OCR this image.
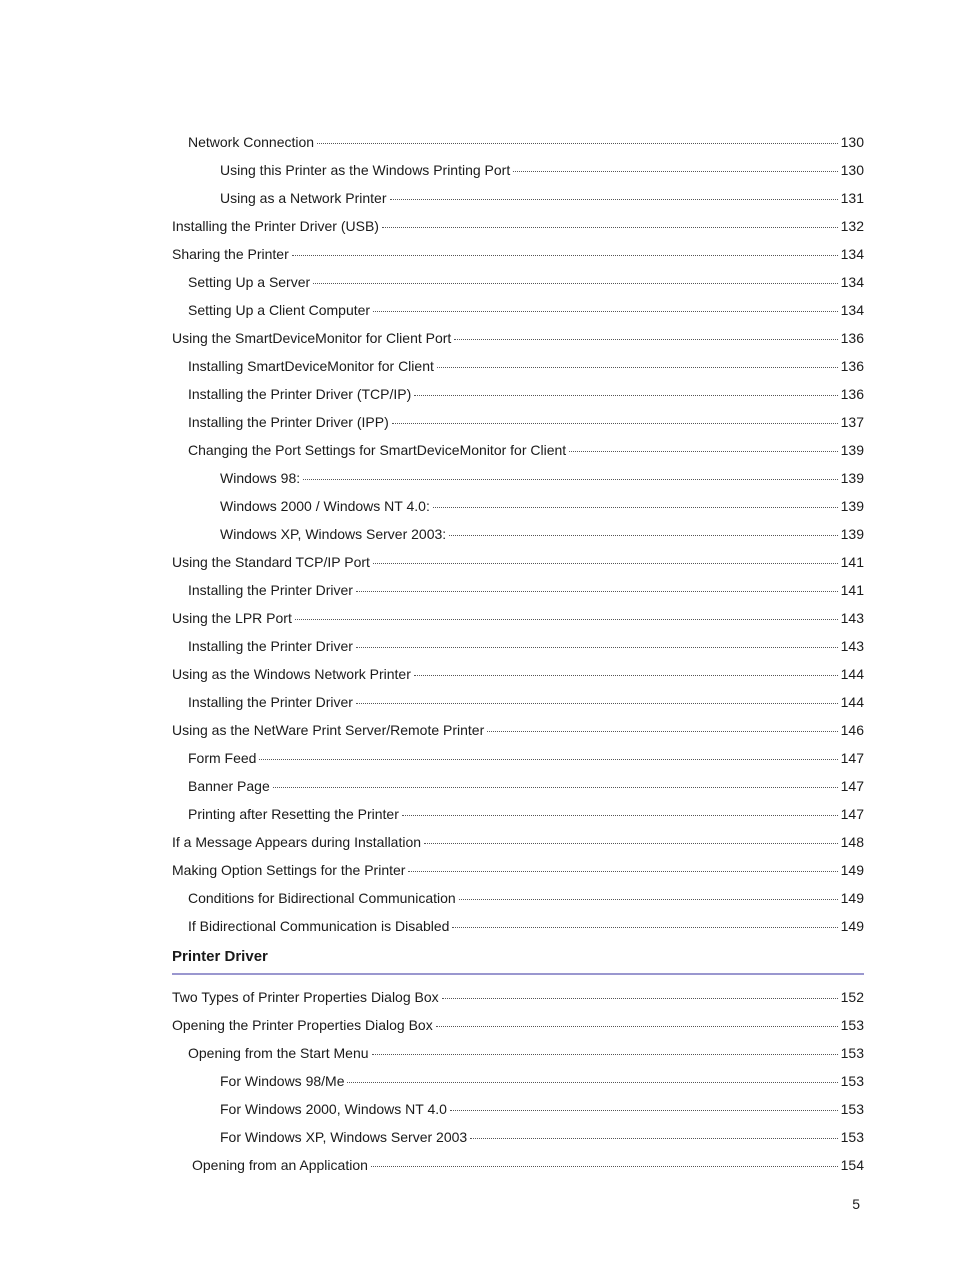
Network Connection	130
Using this Printer as the Windows Printing Port	130
Using as a Network Printer	131
Installing the Printer Driver (USB)	132
Sharing the Printer	134
Setting Up a Server	134
Setting Up a Client Computer	134
Using the SmartDeviceMonitor for Client Port	136
Installing SmartDeviceMonitor for Client	136
Installing the Printer Driver (TCP/IP)	136
Installing the Printer Driver (IPP)	137
Changing the Port Settings for SmartDeviceMonitor for Client	139
Windows 98:	139
Windows 2000 / Windows NT 4.0:	139
Windows XP, Windows Server 2003:	139
Using the Standard TCP/IP Port	141
Installing the Printer Driver	141
Using the LPR Port	143
Installing the Printer Driver	143
Using as the Windows Network Printer	144
Installing the Printer Driver	144
Using as the NetWare Print Server/Remote Printer	146
Form Feed	147
Banner Page	147
Printing after Resetting the Printer	147
If a Message Appears during Installation	148
Making Option Settings for the Printer	149
Conditions for Bidirectional Communication	149
If Bidirectional Communication is Disabled	149
Printer Driver
Two Types of Printer Properties Dialog Box	152
Opening the Printer Properties Dialog Box	153
Opening from the Start Menu	153
For Windows 98/Me	153
For Windows 2000, Windows NT 4.0	153
For Windows XP, Windows Server 2003	153
Opening from an Application	154
5
